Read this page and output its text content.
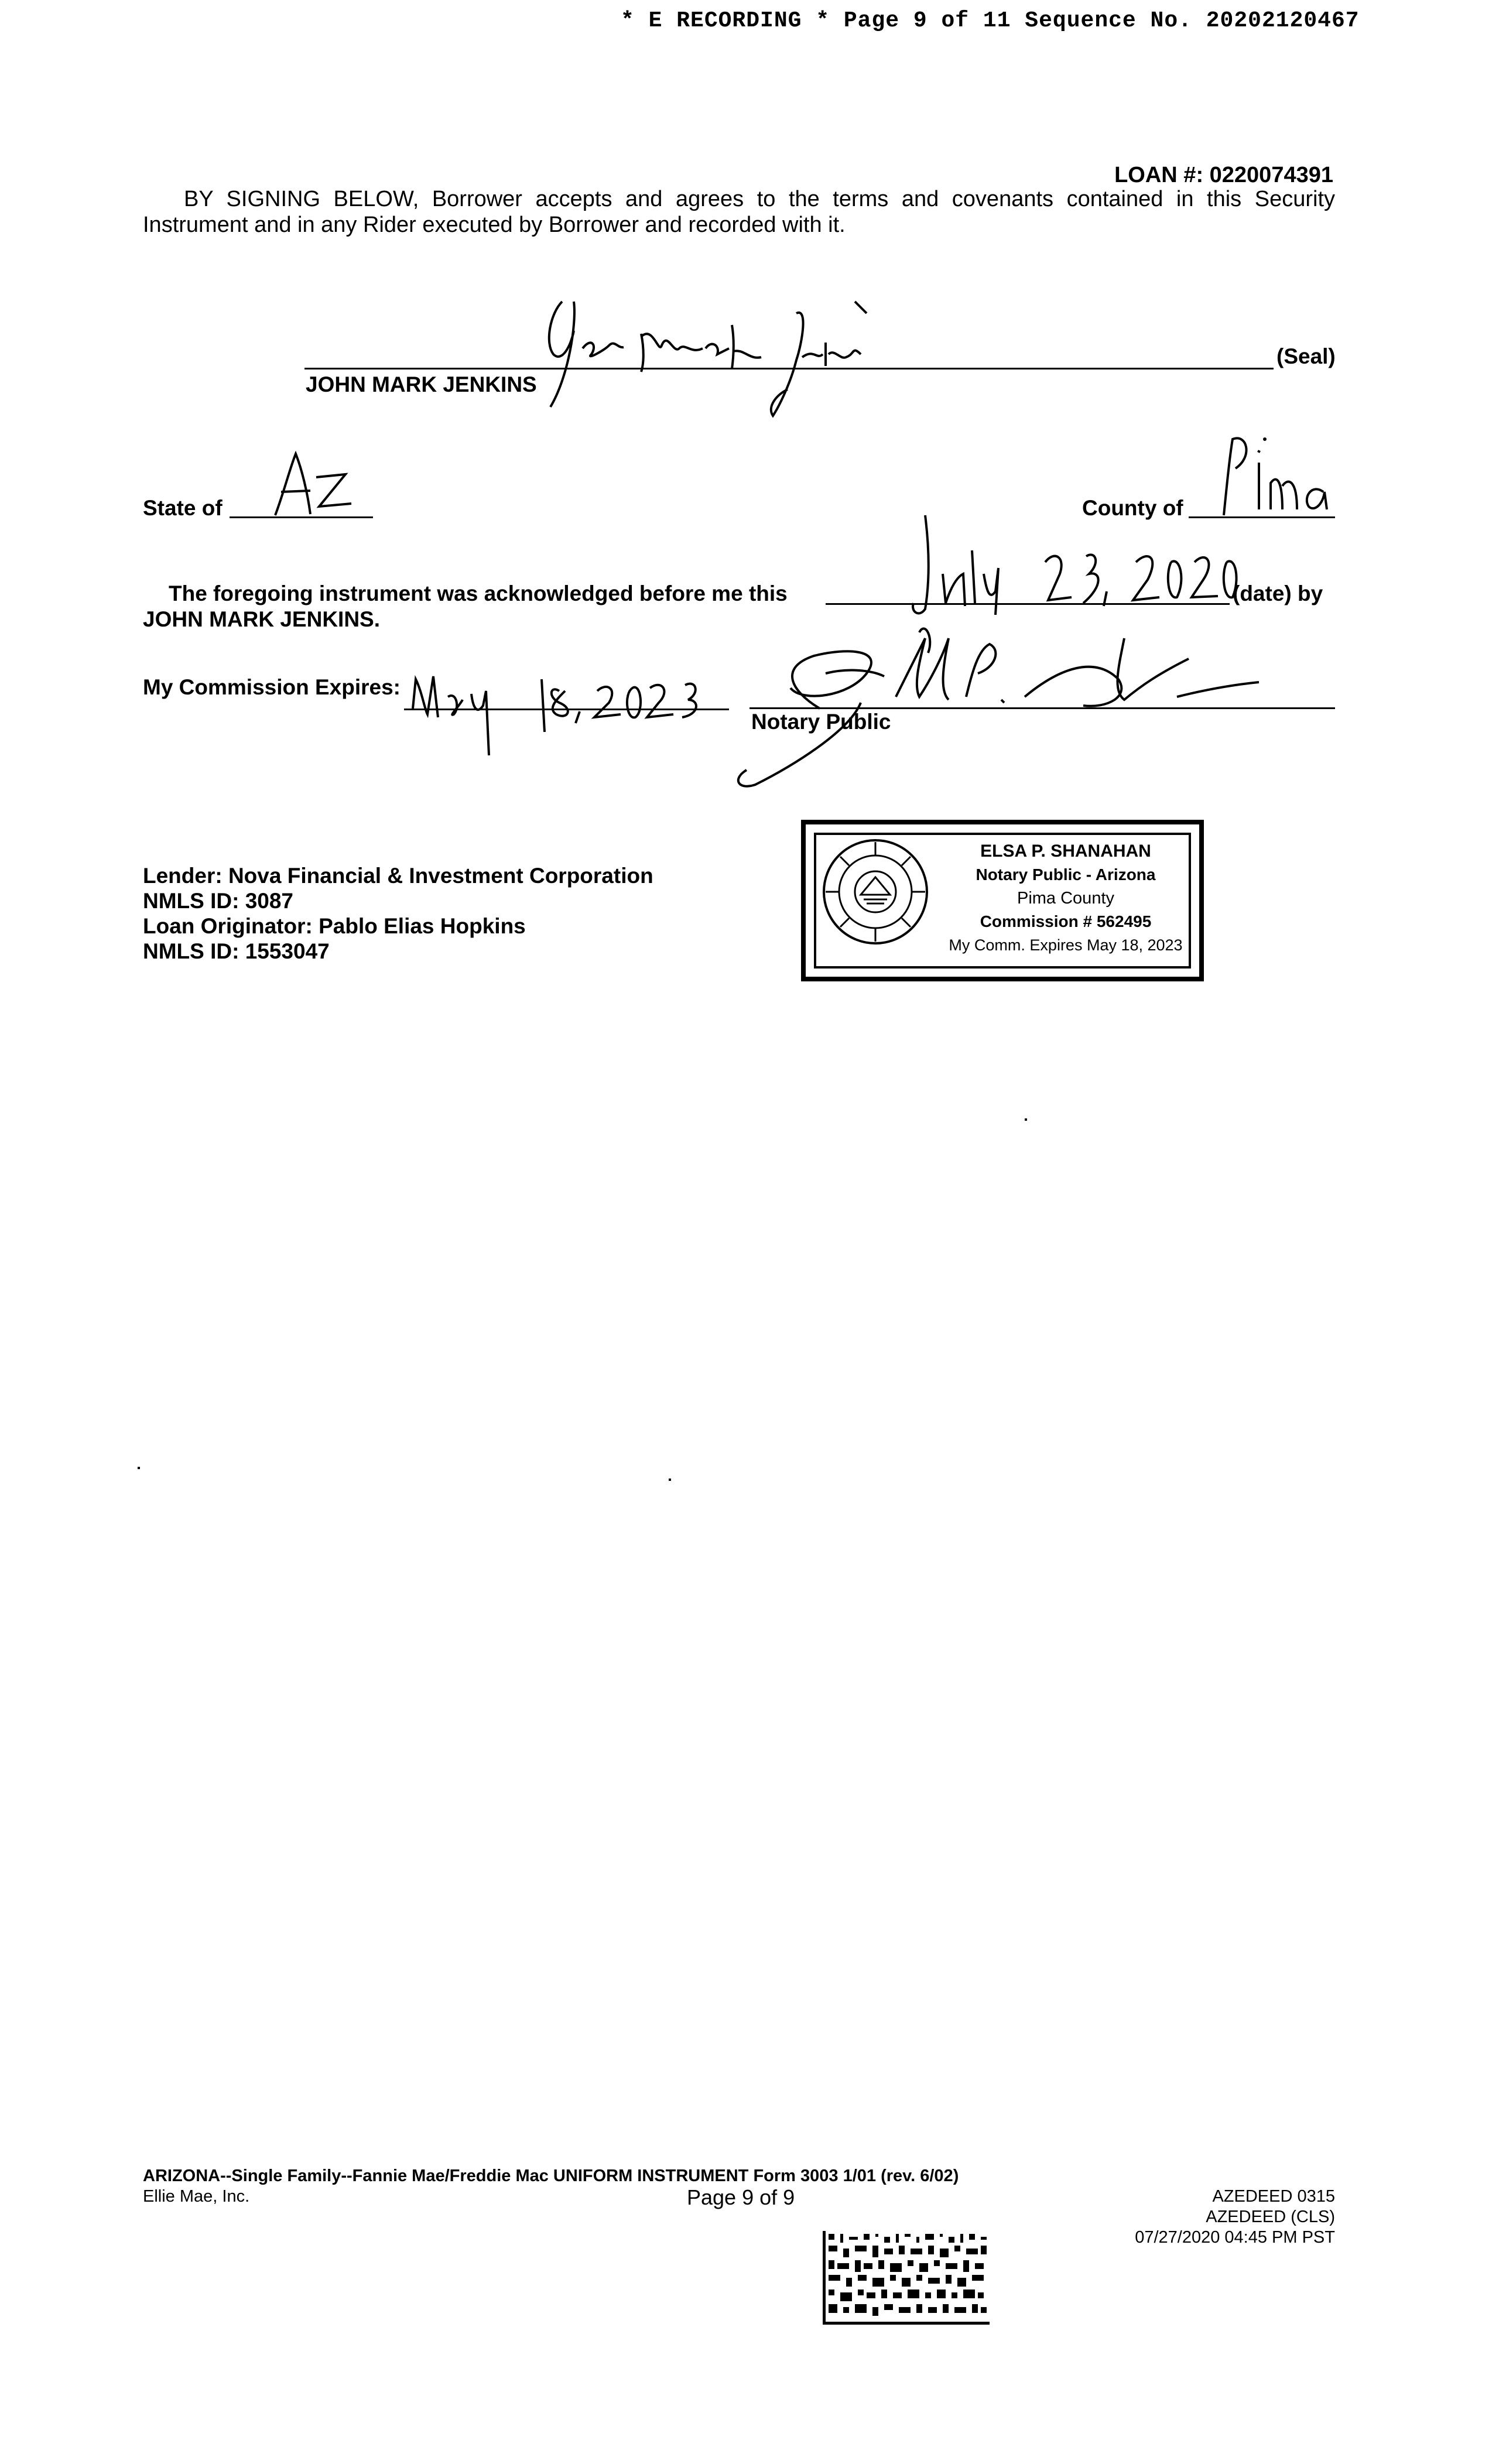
* E RECORDING * Page 9 of 11 Sequence No. 20202120467
LOAN #: 0220074391
BY SIGNING BELOW, Borrower accepts and agrees to the terms and covenants contained in this Security Instrument and in any Rider executed by Borrower and recorded with it.
(Seal)
JOHN MARK JENKINS
State of	County of
The foregoing instrument was acknowledged before me this	(date) by
JOHN MARK JENKINS.
My Commission Expires:
Notary Public
Lender: Nova Financial & Investment Corporation
NMLS ID: 3087
Loan Originator: Pablo Elias Hopkins
NMLS ID: 1553047
ELSA P. SHANAHAN
Notary Public - Arizona
Pima County
Commission # 562495
My Comm. Expires May 18, 2023
ARIZONA--Single Family--Fannie Mae/Freddie Mac UNIFORM INSTRUMENT Form 3003 1/01 (rev. 6/02)
Ellie Mae, Inc.	Page 9 of 9	AZEDEED 0315
AZEDEED (CLS)
07/27/2020 04:45 PM PST
